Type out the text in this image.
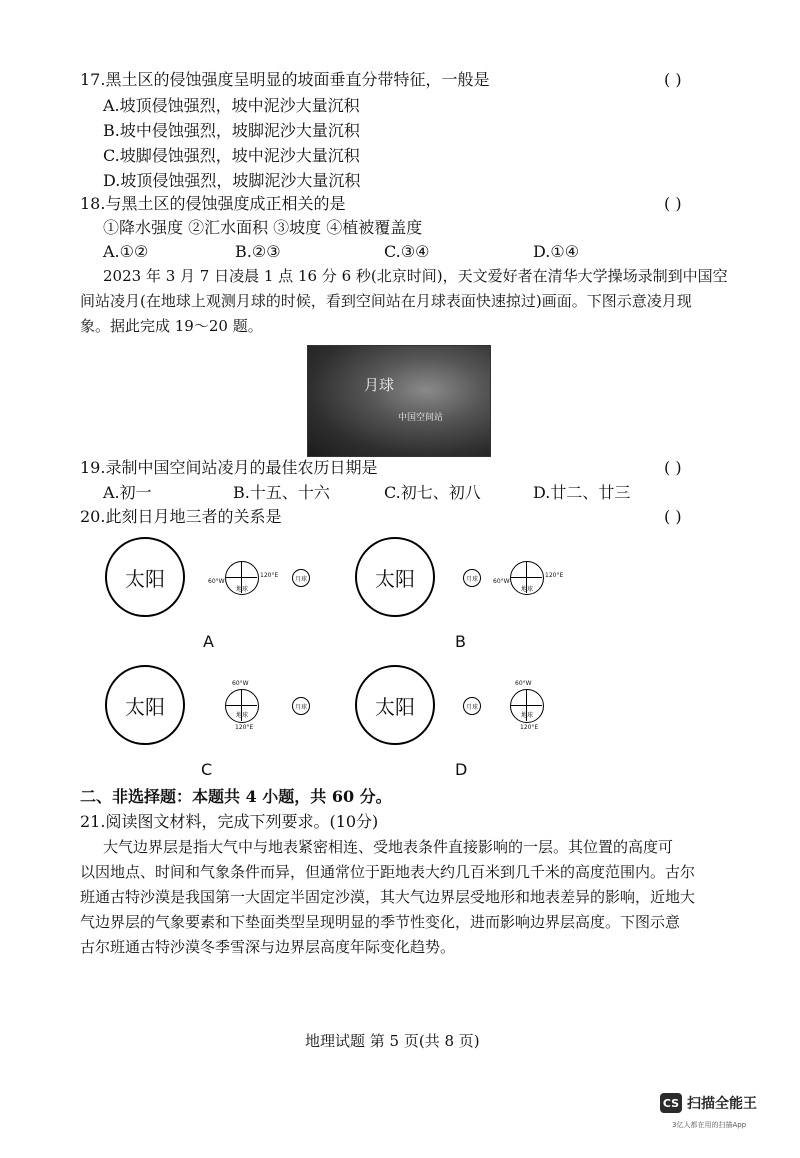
17.黑土区的侵蚀强度呈明显的坡面垂直分带特征，一般是	( )
A.坡顶侵蚀强烈，坡中泥沙大量沉积
B.坡中侵蚀强烈，坡脚泥沙大量沉积
C.坡脚侵蚀强烈，坡中泥沙大量沉积
D.坡顶侵蚀强烈，坡脚泥沙大量沉积
18.与黑土区的侵蚀强度成正相关的是	( )
①降水强度 ②汇水面积 ③坡度 ④植被覆盖度
A.①②	B.②③	C.③④	D.①④
2023 年 3 月 7 日凌晨 1 点 16 分 6 秒(北京时间)，天文爱好者在清华大学操场录制到中国空
间站凌月(在地球上观测月球的时候，看到空间站在月球表面快速掠过)画面。下图示意凌月现
象。据此完成 19～20 题。
月球
中国空间站
19.录制中国空间站凌月的最佳农历日期是	( )
A.初一	B.十五、十六	C.初七、初八	D.廿二、廿三
20.此刻日月地三者的关系是	( )
太阳	60°W
120°E
地球
月球
A
太阳	月球	60°W
120°E
地球
B
太阳
60°W
120°E
地球
月球
C
太阳	月球
60°W
120°E
地球
D
二、非选择题：本题共 4 小题，共 60 分。
21.阅读图文材料，完成下列要求。(10分)
大气边界层是指大气中与地表紧密相连、受地表条件直接影响的一层。其位置的高度可
以因地点、时间和气象条件而异，但通常位于距地表大约几百米到几千米的高度范围内。古尔
班通古特沙漠是我国第一大固定半固定沙漠，其大气边界层受地形和地表差异的影响，近地大
气边界层的气象要素和下垫面类型呈现明显的季节性变化，进而影响边界层高度。下图示意
古尔班通古特沙漠冬季雪深与边界层高度年际变化趋势。
地理试题 第 5 页(共 8 页)
CS 扫描全能王
3亿人都在用的扫描App
